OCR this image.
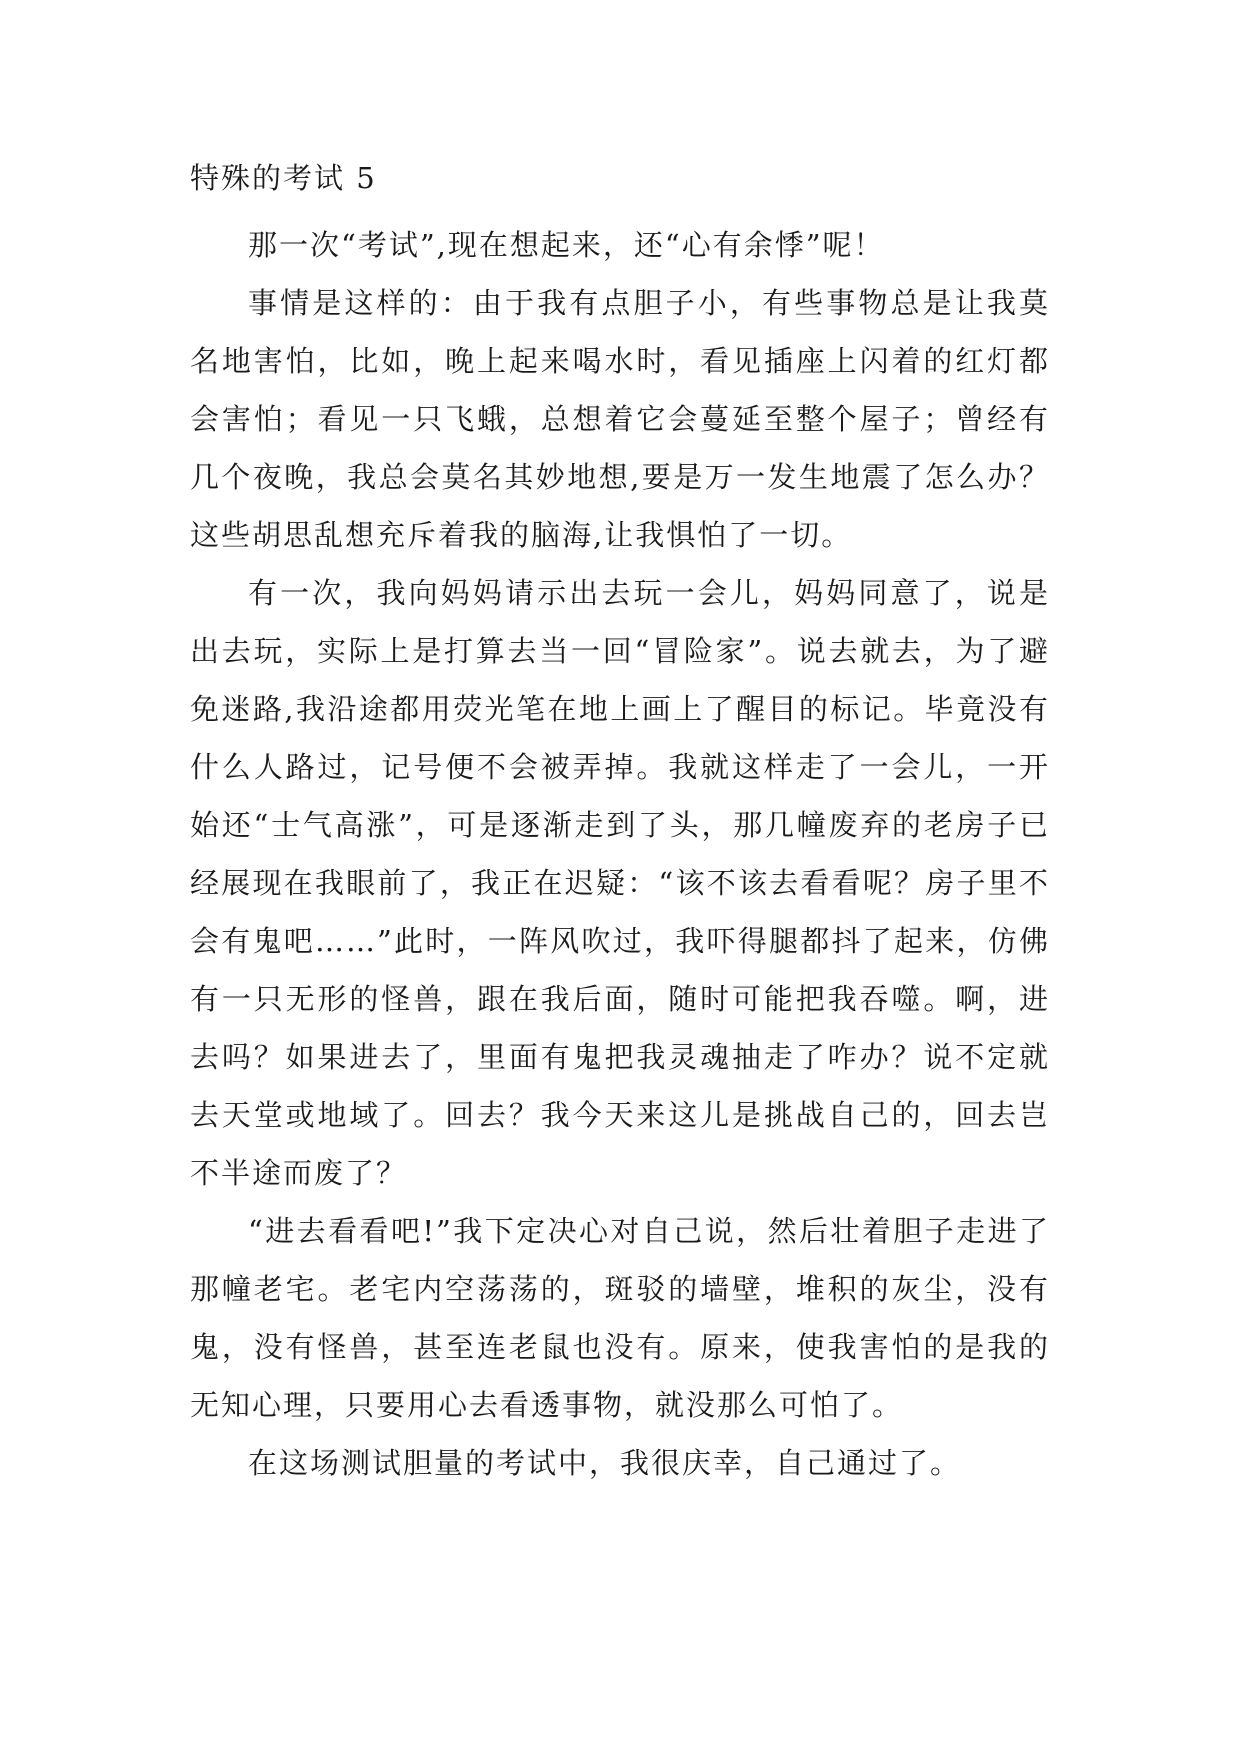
特殊的考试 5

那一次“考试”,现在想起来，还“心有余悸”呢！

事情是这样的：由于我有点胆子小，有些事物总是让我莫名地害怕，比如，晚上起来喝水时，看见插座上闪着的红灯都会害怕；看见一只飞蛾，总想着它会蔓延至整个屋子；曾经有几个夜晚，我总会莫名其妙地想,要是万一发生地震了怎么办？这些胡思乱想充斥着我的脑海,让我惧怕了一切。

有一次，我向妈妈请示出去玩一会儿，妈妈同意了，说是出去玩，实际上是打算去当一回“冒险家”。说去就去，为了避免迷路,我沿途都用荧光笔在地上画上了醒目的标记。毕竟没有什么人路过，记号便不会被弄掉。我就这样走了一会儿，一开始还“士气高涨”，可是逐渐走到了头，那几幢废弃的老房子已经展现在我眼前了，我正在迟疑：“该不该去看看呢？房子里不会有鬼吧……”此时，一阵风吹过，我吓得腿都抖了起来，仿佛有一只无形的怪兽，跟在我后面，随时可能把我吞噬。啊，进去吗？如果进去了，里面有鬼把我灵魂抽走了咋办？说不定就去天堂或地域了。回去？我今天来这儿是挑战自己的，回去岂不半途而废了？

“进去看看吧!”我下定决心对自己说，然后壮着胆子走进了那幢老宅。老宅内空荡荡的，斑驳的墙壁，堆积的灰尘，没有鬼，没有怪兽，甚至连老鼠也没有。原来，使我害怕的是我的无知心理，只要用心去看透事物，就没那么可怕了。

在这场测试胆量的考试中，我很庆幸，自己通过了。
